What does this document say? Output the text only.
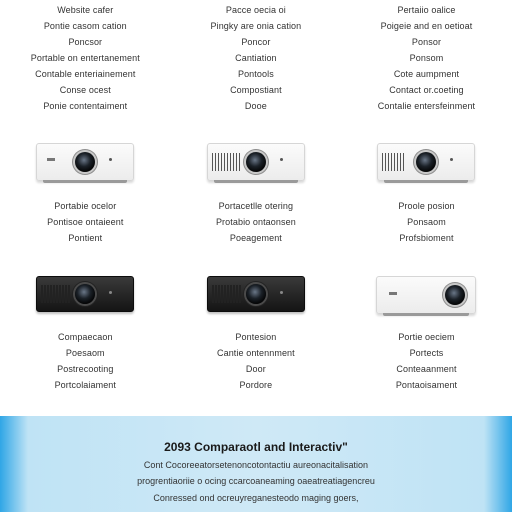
Website cafer
Pontie casom cation
Poncsor
Portable on entertanement
Contable enteriainement
Conse ocest
Ponie contentaiment
Pacce oecia oi
Pingky are onia cation
Poncor
Cantiation
Pontools
Compostiant
Dooe
Pertaiio oalice
Poigeie and en oetioat
Ponsor
Ponsom
Cote aumpment
Contact or.coeting
Contalie entersfeinment
Portabie ocelor
Pontisoe ontaieent
Pontient
Portacetlle otering
Protabio ontaonsen
Poeagement
Proole posion
Ponsaom
Profsbioment
Compaecaon
Poesaom
Postrecooting
Portcolaiament
Pontesion
Cantie ontennment
Door
Pordore
Portie oeciem
Portects
Conteaanment
Pontaoisament
2093 Comparaotl and Interactiv"
Cont Cocoreeatorsetenoncotontactiu aureonacitalisation
progrentiaoriie o ocing ccarcoaneaming oaeatreatiagencreu
Conressed ond ocreuyreganesteodo maging goers,
